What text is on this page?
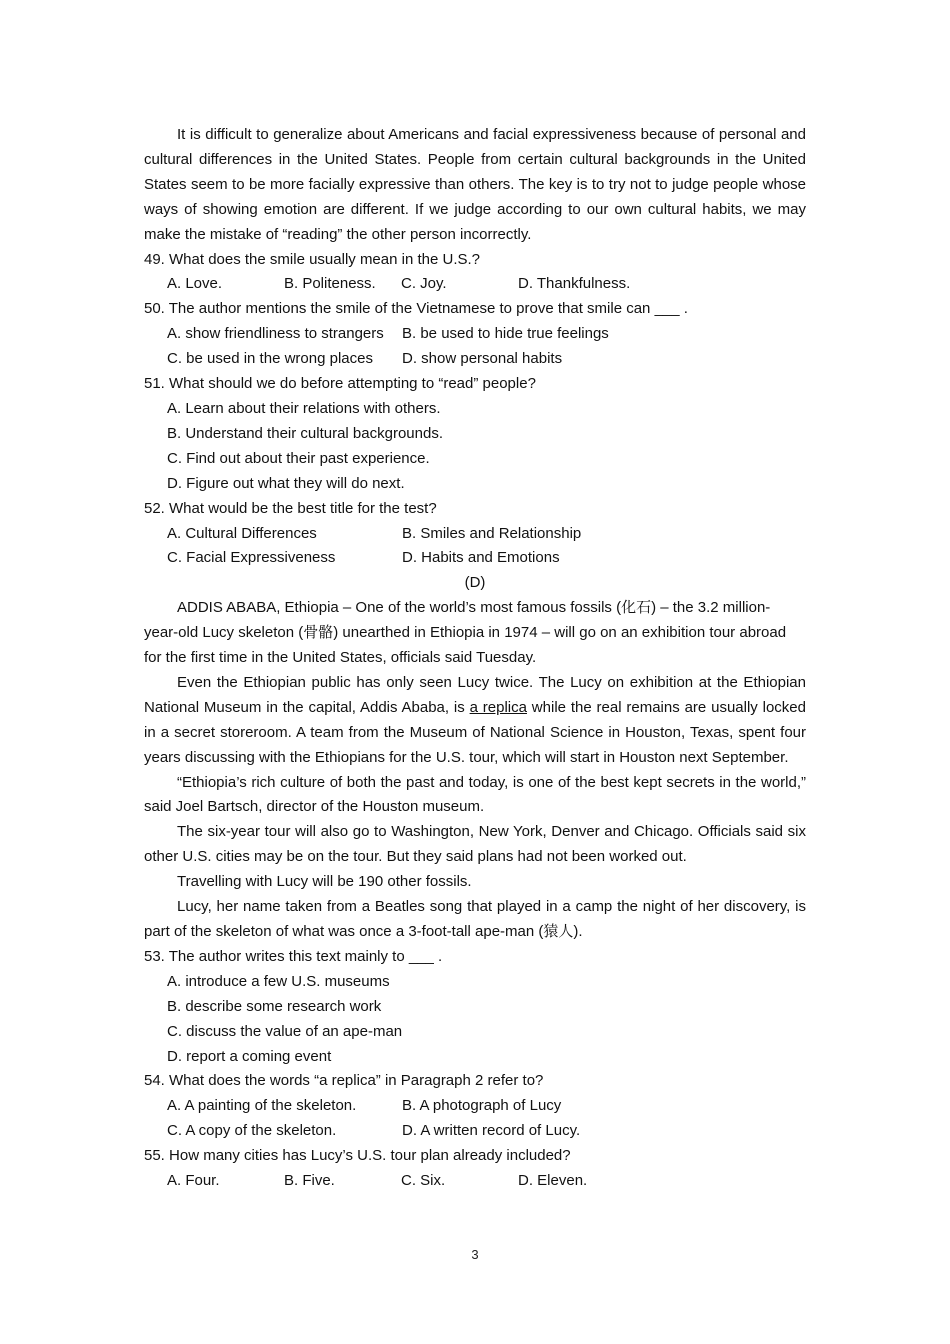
It is difficult to generalize about Americans and facial expressiveness because of personal and cultural differences in the United States. People from certain cultural backgrounds in the United States seem to be more facially expressive than others. The key is to try not to judge people whose ways of showing emotion are different. If we judge according to our own cultural habits, we may make the mistake of “reading” the other person incorrectly.

49. What does the smile usually mean in the U.S.?

A. Love.	B. Politeness. C. Joy.	D. Thankfulness.

50. The author mentions the smile of the Vietnamese to prove that smile can ___ .

A. show friendliness to strangers B. be used to hide true feelings
C. be used in the wrong places D. show personal habits

51. What should we do before attempting to “read” people?

A. Learn about their relations with others.
B. Understand their cultural backgrounds.
C. Find out about their past experience.
D. Figure out what they will do next.

52. What would be the best title for the test?

A. Cultural Differences	B. Smiles and Relationship
C. Facial Expressiveness	D. Habits and Emotions

(D)

ADDIS ABABA, Ethiopia – One of the world’s most famous fossils (化石) – the 3.2 million-

year-old Lucy skeleton (骨骼) unearthed in Ethiopia in 1974 – will go on an exhibition tour abroad

for the first time in the United States, officials said Tuesday.

Even the Ethiopian public has only seen Lucy twice. The Lucy on exhibition at the Ethiopian National Museum in the capital, Addis Ababa, is a replica while the real remains are usually locked in a secret storeroom. A team from the Museum of National Science in Houston, Texas, spent four years discussing with the Ethiopians for the U.S. tour, which will start in Houston next September.

“Ethiopia’s rich culture of both the past and today, is one of the best kept secrets in the world,” said Joel Bartsch, director of the Houston museum.

The six-year tour will also go to Washington, New York, Denver and Chicago. Officials said six other U.S. cities may be on the tour. But they said plans had not been worked out.

Travelling with Lucy will be 190 other fossils.

Lucy, her name taken from a Beatles song that played in a camp the night of her discovery, is part of the skeleton of what was once a 3-foot-tall ape-man (猿人).

53. The author writes this text mainly to ___ .

A. introduce a few U.S. museums
B. describe some research work
C. discuss the value of an ape-man
D. report a coming event

54. What does the words “a replica” in Paragraph 2 refer to?

A. A painting of the skeleton.	B. A photograph of Lucy
C. A copy of the skeleton.	D. A written record of Lucy.

55. How many cities has Lucy’s U.S. tour plan already included?

A. Four.	B. Five.	C. Six.	D. Eleven.
3
